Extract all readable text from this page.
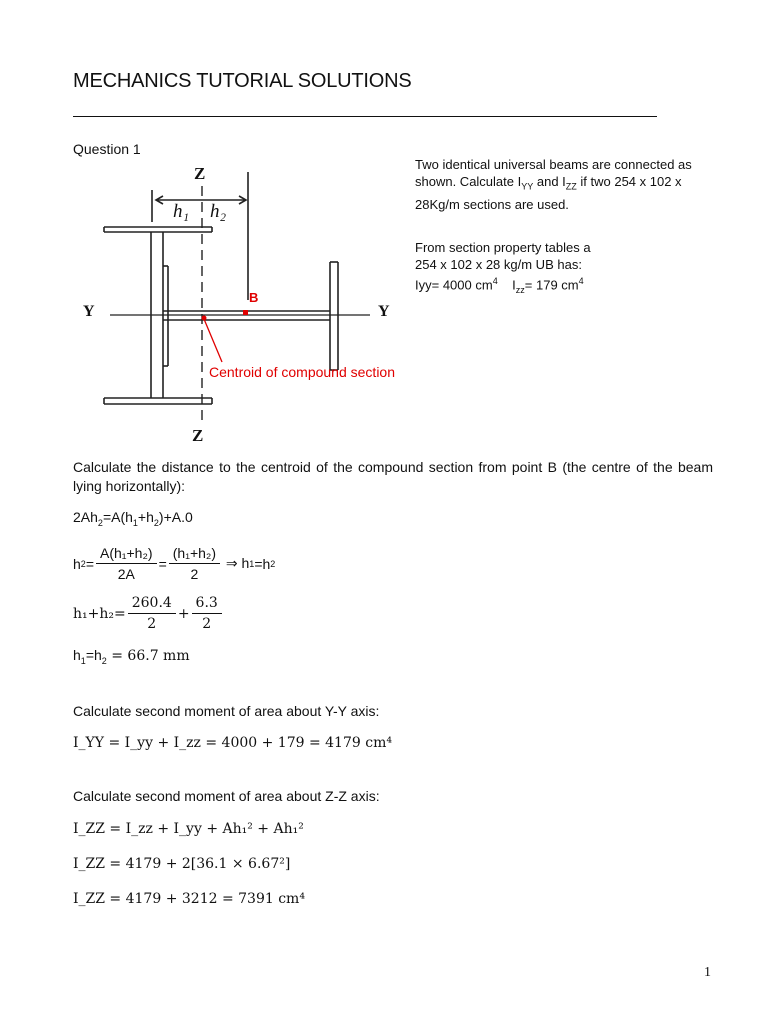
MECHANICS TUTORIAL SOLUTIONS
Question 1
Two identical universal beams are connected as
shown. Calculate $I_{YY}$ and $I_{ZZ}$ if two 254 x 102 x
28Kg/m sections are used.
From section property tables a
254 x 102 x 28 kg/m UB has:
Iyy= 4000 $cm^4$ $I_{zz}= 179$ $cm^4$
Z
Z
Y	Y
h₁ h₂
B
Centroid of compound section
Calculate the distance to the centroid of the compound section from point B (the centre of the beam lying horizontally):
$2Ah_2=A(h_1+h_2)+A.0$
h $2 = \frac{\text{A(h₁+h₂)}}{2A} = \frac{\text{(h₁+h₂)}}{2}$
⇒ h 1 =h 2
$h_1+h_2= \frac{260.4}{2} + \frac{6.3}{2}$
$h_1=h_2 = 66.7$ mm
Calculate second moment of area about Y-Y axis:
I_YY = I_yy + I_zz = 4000 + 179 = 4179 cm⁴
Calculate second moment of area about Z-Z axis:
I_ZZ = I_zz + I_yy + Ah₁² + Ah₁²
I_ZZ = 4179 + 2[36.1 × 6.67²]
I_ZZ = 4179 + 3212 = 7391 cm⁴
1
